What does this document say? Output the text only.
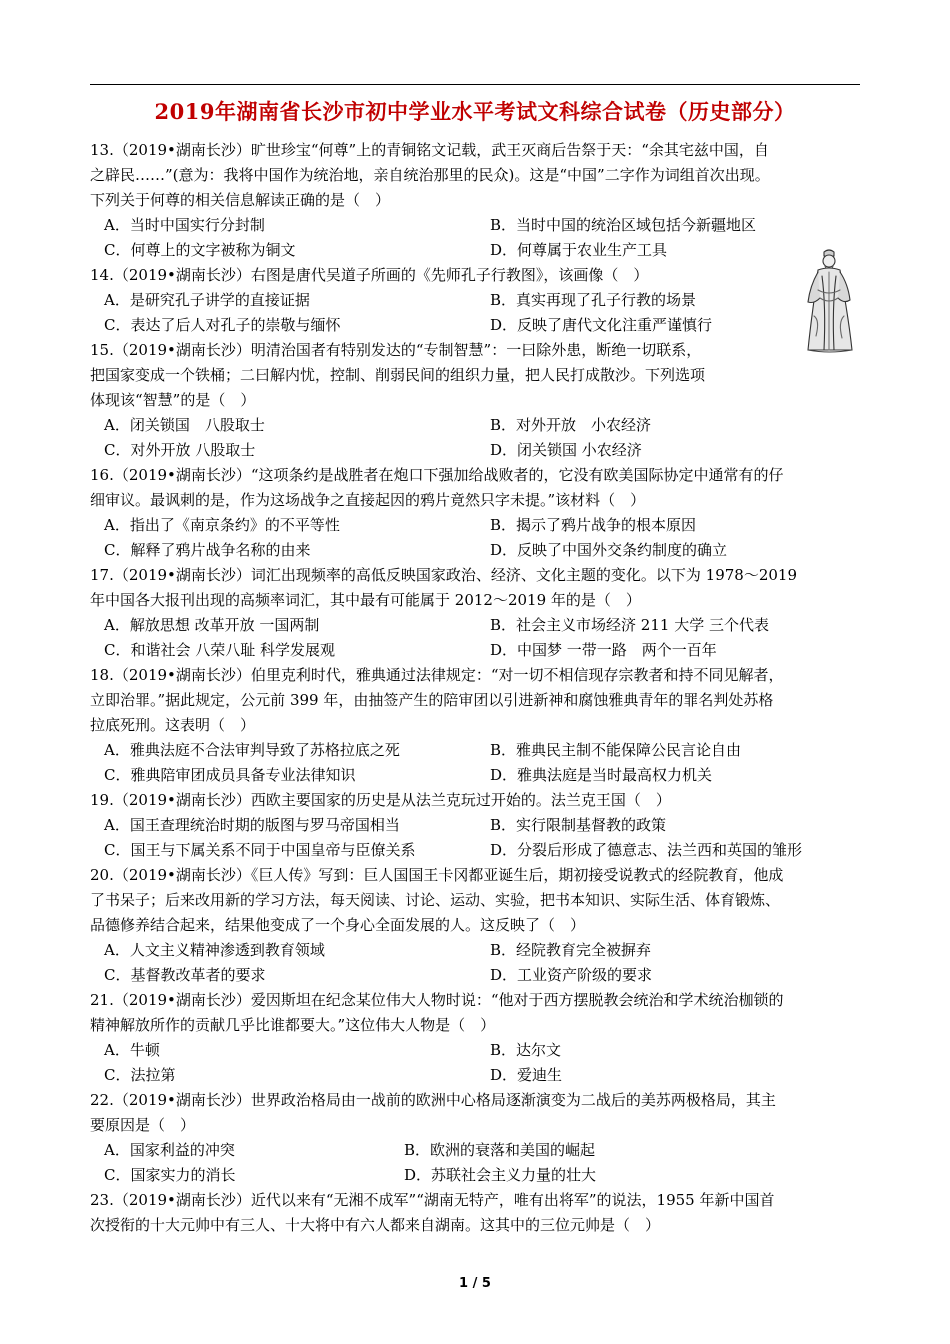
2019年湖南省长沙市初中学业水平考试文科综合试卷（历史部分）
13.（2019•湖南长沙）旷世珍宝“何尊”上的青铜铭文记载，武王灭商后告祭于天：“余其宅兹中国，自
之辟民……”(意为：我将中国作为统治地，亲自统治那里的民众)。这是“中国”二字作为词组首次出现。
下列关于何尊的相关信息解读正确的是（　）
A．当时中国实行分封制	B．当时中国的统治区域包括今新疆地区
C．何尊上的文字被称为铜文	D．何尊属于农业生产工具
14.（2019•湖南长沙）右图是唐代吴道子所画的《先师孔子行教图》，该画像（　）
A．是研究孔子讲学的直接证据	B．真实再现了孔子行教的场景
C．表达了后人对孔子的崇敬与缅怀	D．反映了唐代文化注重严谨慎行
15.（2019•湖南长沙）明清治国者有特别发达的“专制智慧”：一曰除外患，断绝一切联系，
把国家变成一个铁桶；二曰解内忧，控制、削弱民间的组织力量，把人民打成散沙。下列选项
体现该“智慧”的是（　）
A．闭关锁国　八股取士	B．对外开放　小农经济
C．对外开放 八股取士	D．闭关锁国 小农经济
16.（2019•湖南长沙）“这项条约是战胜者在炮口下强加给战败者的，它没有欧美国际协定中通常有的仔
细审议。最讽刺的是，作为这场战争之直接起因的鸦片竟然只字未提。”该材料（　）
A．指出了《南京条约》的不平等性	B．揭示了鸦片战争的根本原因
C．解释了鸦片战争名称的由来	D．反映了中国外交条约制度的确立
17.（2019•湖南长沙）词汇出现频率的高低反映国家政治、经济、文化主题的变化。以下为 1978～2019
年中国各大报刊出现的高频率词汇，其中最有可能属于 2012～2019 年的是（　）
A．解放思想 改革开放 一国两制	B．社会主义市场经济 211 大学 三个代表
C．和谐社会 八荣八耻 科学发展观	D．中国梦 一带一路　两个一百年
18.（2019•湖南长沙）伯里克利时代，雅典通过法律规定：“对一切不相信现存宗教者和持不同见解者，
立即治罪。”据此规定，公元前 399 年，由抽签产生的陪审团以引进新神和腐蚀雅典青年的罪名判处苏格
拉底死刑。这表明（　）
A．雅典法庭不合法审判导致了苏格拉底之死	B．雅典民主制不能保障公民言论自由
C．雅典陪审团成员具备专业法律知识	D．雅典法庭是当时最高权力机关
19.（2019•湖南长沙）西欧主要国家的历史是从法兰克玩过开始的。法兰克王国（　）
A．国王查理统治时期的版图与罗马帝国相当	B．实行限制基督教的政策
C．国王与下属关系不同于中国皇帝与臣僚关系	D．分裂后形成了德意志、法兰西和英国的雏形
20.（2019•湖南长沙）《巨人传》写到：巨人国国王卡冈都亚诞生后，期初接受说教式的经院教育，他成
了书呆子；后来改用新的学习方法，每天阅读、讨论、运动、实验，把书本知识、实际生活、体育锻炼、
品德修养结合起来，结果他变成了一个身心全面发展的人。这反映了（　）
A．人文主义精神渗透到教育领域	B．经院教育完全被摒弃
C．基督教改革者的要求	D．工业资产阶级的要求
21.（2019•湖南长沙）爱因斯坦在纪念某位伟大人物时说：“他对于西方摆脱教会统治和学术统治枷锁的
精神解放所作的贡献几乎比谁都要大。”这位伟大人物是（　）
A．牛顿	B．达尔文
C．法拉第	D．爱迪生
22.（2019•湖南长沙）世界政治格局由一战前的欧洲中心格局逐渐演变为二战后的美苏两极格局，其主
要原因是（　）
A．国家利益的冲突	B．欧洲的衰落和美国的崛起
C．国家实力的消长	D．苏联社会主义力量的壮大
23.（2019•湖南长沙）近代以来有“无湘不成军”“湖南无特产，唯有出将军”的说法，1955 年新中国首
次授衔的十大元帅中有三人、十大将中有六人都来自湖南。这其中的三位元帅是（　）
1 / 5
